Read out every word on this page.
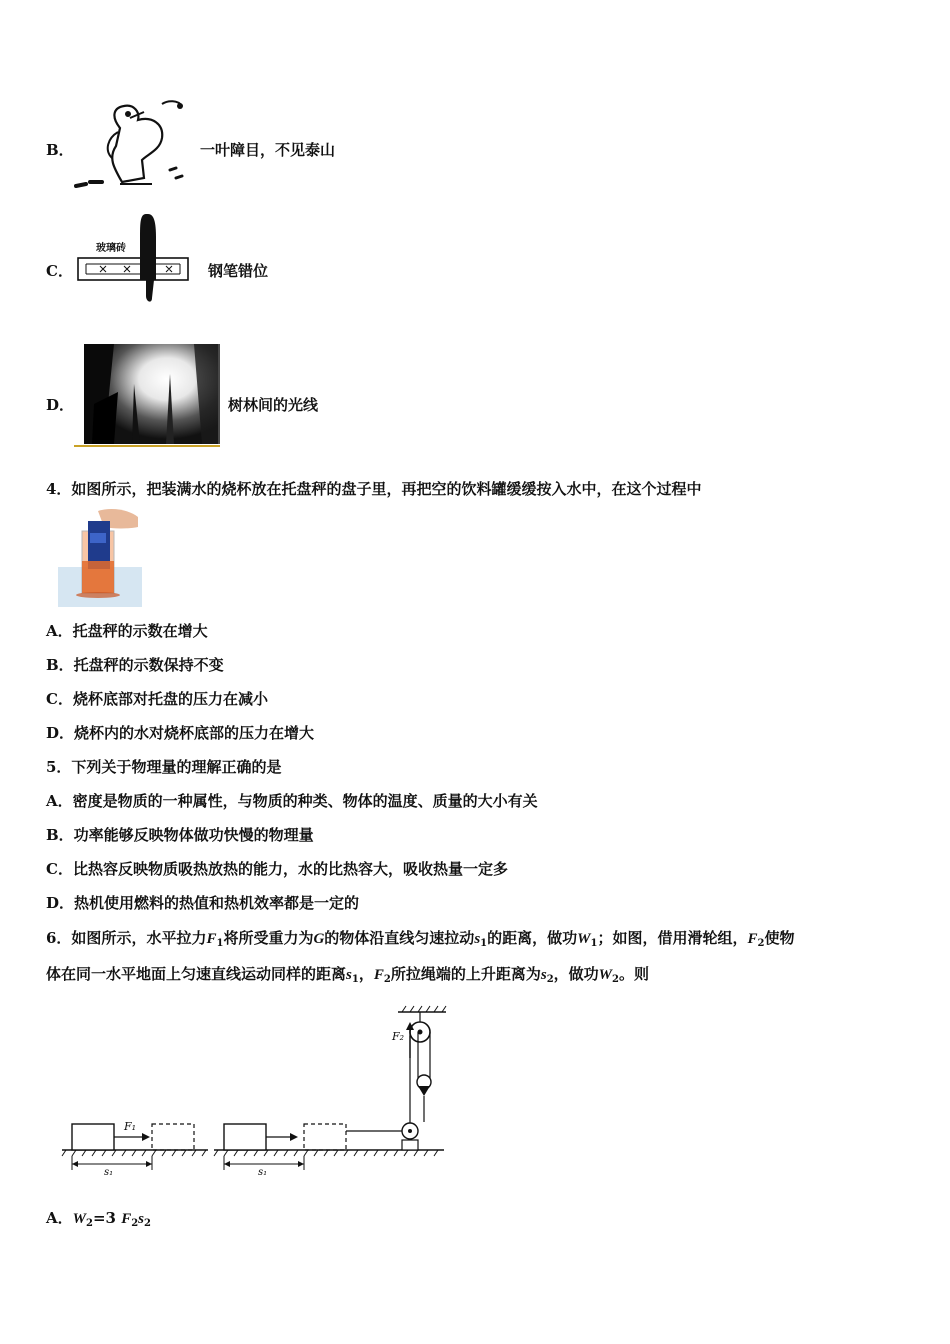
B．	一叶障目，不见泰山
C．
玻璃砖
钢笔错位
D．	树林间的光线
4．如图所示，把装满水的烧杯放在托盘秤的盘子里，再把空的饮料罐缓缓按入水中，在这个过程中
A．托盘秤的示数在增大
B．托盘秤的示数保持不变
C．烧杯底部对托盘的压力在减小
D．烧杯内的水对烧杯底部的压力在增大
5．下列关于物理量的理解正确的是
A．密度是物质的一种属性，与物质的种类、物体的温度、质量的大小有关
B．功率能够反映物体做功快慢的物理量
C．比热容反映物质吸热放热的能力，水的比热容大，吸收热量一定多
D．热机使用燃料的热值和热机效率都是一定的
6．如图所示，水平拉力$F_1$将所受重力为G的物体沿直线匀速拉动$s_1$的距离，做功$W_1$；如图，借用滑轮组，$F_2$使物
体在同一水平地面上匀速直线运动同样的距离$s_1$，$F_2$所拉绳端的上升距离为$s_2$，做功$W_2$。则
F₁
F₂
s₁	s₁
A．$W_2=3$ $F_2s_2$
